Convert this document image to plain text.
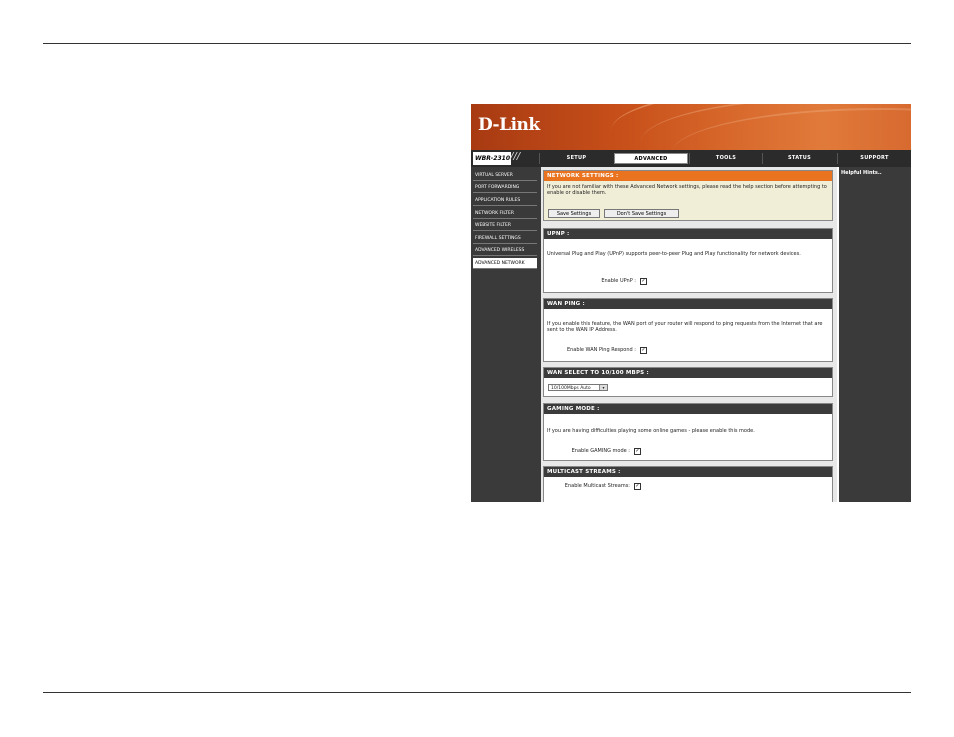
D-Link
WBR-2310 ///	SETUP	ADVANCED	TOOLS	STATUS	SUPPORT
VIRTUAL SERVER
PORT FORWARDING
APPLICATION RULES
NETWORK FILTER
WEBSITE FILTER
FIREWALL SETTINGS
ADVANCED WIRELESS
ADVANCED NETWORK
NETWORK SETTINGS :
If you are not familiar with these Advanced Network settings, please read the help section before attempting to enable or disable them.
Save Settings	Don't Save Settings
UPNP :
Universal Plug and Play (UPnP) supports peer-to-peer Plug and Play functionality for network devices.
Enable UPnP : ✓
WAN PING :
If you enable this feature, the WAN port of your router will respond to ping requests from the Internet that are sent to the WAN IP Address.
Enable WAN Ping Respond : ✓
WAN SELECT TO 10/100 MBPS :
10/100Mbps Auto	▾
GAMING MODE :
If you are having difficulties playing some online games - please enable this mode.
Enable GAMING mode : ✓
MULTICAST STREAMS :
Enable Multicast Streams: ✓
Helpful Hints..
